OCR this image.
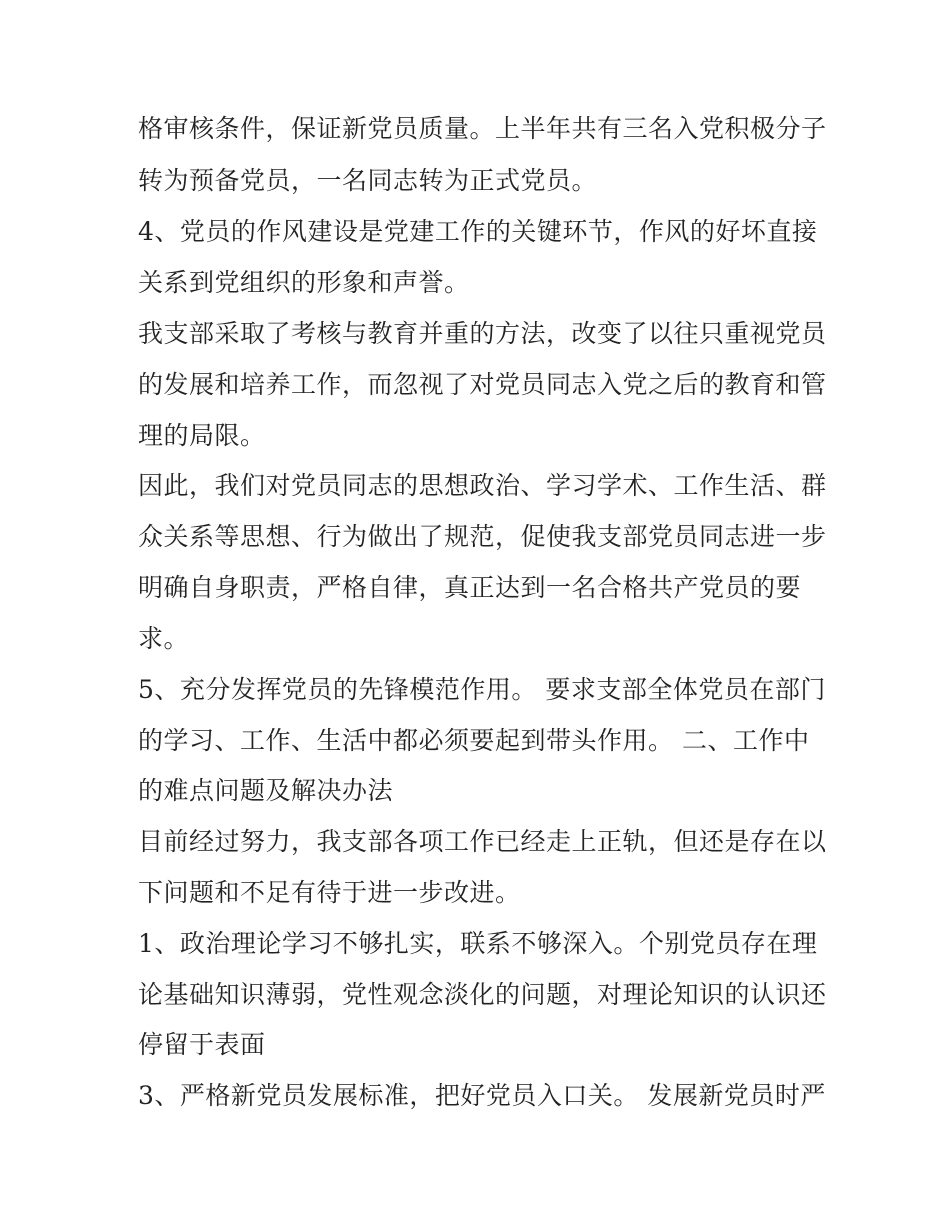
格审核条件，保证新党员质量。上半年共有三名入党积极分子
转为预备党员，一名同志转为正式党员。
4、党员的作风建设是党建工作的关键环节，作风的好坏直接
关系到党组织的形象和声誉。
我支部采取了考核与教育并重的方法，改变了以往只重视党员
的发展和培养工作，而忽视了对党员同志入党之后的教育和管
理的局限。
因此，我们对党员同志的思想政治、学习学术、工作生活、群
众关系等思想、行为做出了规范，促使我支部党员同志进一步
明确自身职责，严格自律，真正达到一名合格共产党员的要
求。
5、充分发挥党员的先锋模范作用。 要求支部全体党员在部门
的学习、工作、生活中都必须要起到带头作用。 二、工作中
的难点问题及解决办法
目前经过努力，我支部各项工作已经走上正轨，但还是存在以
下问题和不足有待于进一步改进。
1、政治理论学习不够扎实，联系不够深入。个别党员存在理
论基础知识薄弱，党性观念淡化的问题，对理论知识的认识还
停留于表面
3、严格新党员发展标准，把好党员入口关。 发展新党员时严
